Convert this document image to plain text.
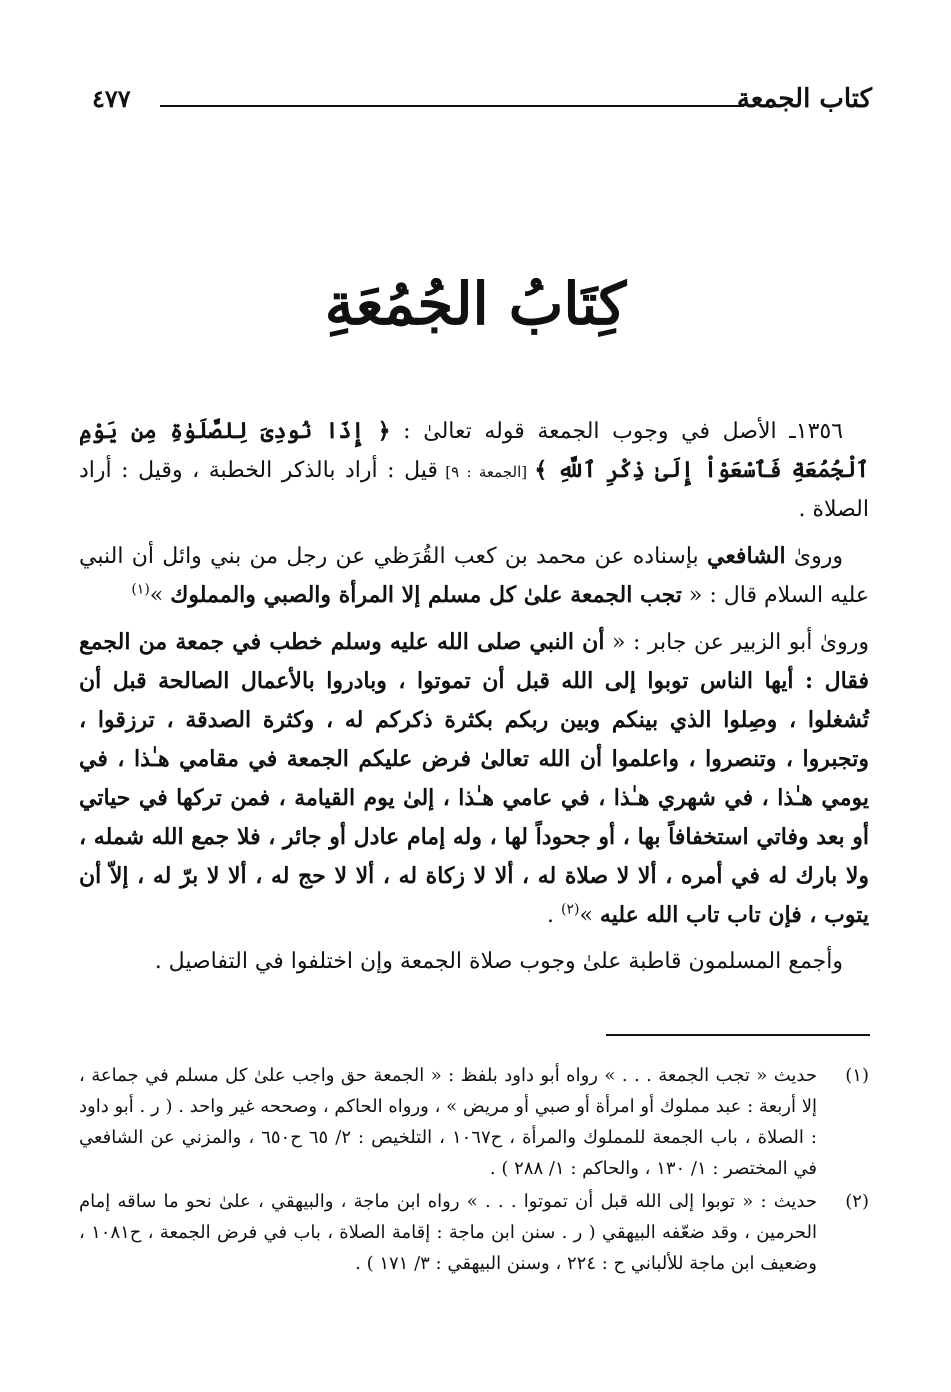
كتاب الجمعة
٤٧٧
كِتَابُ الجُمُعَةِ

١٣٥٦ـ الأصل في وجوب الجمعة قوله تعالىٰ : ﴿ إِذَا نُودِىَ لِلصَّلَوٰةِ مِن يَوْمِ ٱلْجُمُعَةِ فَٱسْعَوْاْ إِلَىٰ ذِكْرِ ٱللَّهِ ﴾ [الجمعة : ٩] قيل : أراد بالذكر الخطبة ، وقيل : أراد الصلاة .

وروىٰ الشافعي بإسناده عن محمد بن كعب القُرَظي عن رجل من بني وائل أن النبي عليه السلام قال : « تجب الجمعة علىٰ كل مسلم إلا المرأة والصبي والمملوك »$^{(١)}$

وروىٰ أبو الزبير عن جابر : « أن النبي صلى الله عليه وسلم خطب في جمعة من الجمع فقال : أيها الناس توبوا إلى الله قبل أن تموتوا ، وبادروا بالأعمال الصالحة قبل أن تُشغلوا ، وصِلوا الذي بينكم وبين ربكم بكثرة ذكركم له ، وكثرة الصدقة ، ترزقوا ، وتجبروا ، وتنصروا ، واعلموا أن الله تعالىٰ فرض عليكم الجمعة في مقامي هـٰذا ، في يومي هـٰذا ، في شهري هـٰذا ، في عامي هـٰذا ، إلىٰ يوم القيامة ، فمن تركها في حياتي أو بعد وفاتي استخفافاً بها ، أو جحوداً لها ، وله إمام عادل أو جائر ، فلا جمع الله شمله ، ولا بارك له في أمره ، ألا لا صلاة له ، ألا لا زكاة له ، ألا لا حج له ، ألا لا برّ له ، إلاّ أن يتوب ، فإن تاب تاب الله عليه »$^{(٢)}$ .

وأجمع المسلمون قاطبة علىٰ وجوب صلاة الجمعة وإن اختلفوا في التفاصيل .

(١)
حديث « تجب الجمعة . . . » رواه أبو داود بلفظ : « الجمعة حق واجب علىٰ كل مسلم في جماعة ، إلا أربعة : عبد مملوك أو امرأة أو صبي أو مريض » ، ورواه الحاكم ، وصححه غير واحد . ( ر . أبو داود : الصلاة ، باب الجمعة للمملوك والمرأة ، ح١٠٦٧ ، التلخيص : ٢/ ٦٥ ح٦٥٠ ، والمزني عن الشافعي في المختصر : ١/ ١٣٠ ، والحاكم : ١/ ٢٨٨ ) .

(٢)
حديث : « توبوا إلى الله قبل أن تموتوا . . . » رواه ابن ماجة ، والبيهقي ، علىٰ نحو ما ساقه إمام الحرمين ، وقد ضعّفه البيهقي ( ر . سنن ابن ماجة : إقامة الصلاة ، باب في فرض الجمعة ، ح١٠٨١ ، وضعيف ابن ماجة للألباني ح : ٢٢٤ ، وسنن البيهقي : ٣/ ١٧١ ) .
